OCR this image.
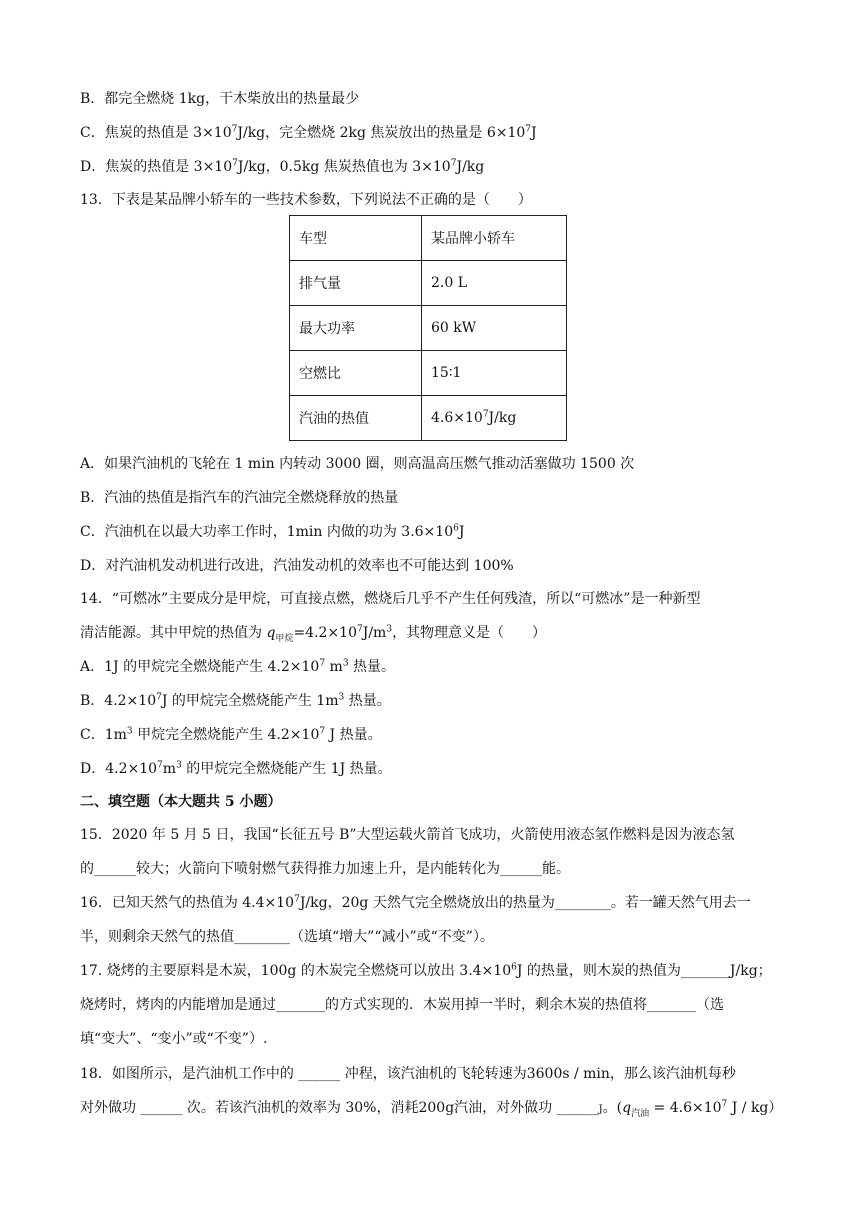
B．都完全燃烧 1kg，干木柴放出的热量最少
C．焦炭的热值是 $3\times 10^7J/kg$，完全燃烧 2kg 焦炭放出的热量是 $6\times 10^7J$
D．焦炭的热值是 $3\times 10^7J/kg$，0.5kg 焦炭热值也为 $3\times 10^7J/kg$
13．下表是某品牌小轿车的一些技术参数，下列说法不正确的是（　　）
车型	某品牌小轿车
排气量	2.0 L
最大功率	60 kW
空燃比	15∶1
汽油的热值	$4.6\times 10^7J/kg$
A．如果汽油机的飞轮在 1 min 内转动 3000 圈，则高温高压燃气推动活塞做功 1500 次
B．汽油的热值是指汽车的汽油完全燃烧释放的热量
C．汽油机在以最大功率工作时，1min 内做的功为 $3.6\times 10^6J$
D．对汽油机发动机进行改进，汽油发动机的效率也不可能达到 100%
14．“可燃冰”主要成分是甲烷，可直接点燃，燃烧后几乎不产生任何残渣，所以“可燃冰”是一种新型
清洁能源。其中甲烷的热值为 $q_{甲烷}=4.2\times 10^7J/m^3$，其物理意义是（　　）
A．1J 的甲烷完全燃烧能产生 $4.2\times 10^7$ $m^3$ 热量。
B．$4.2\times 10^7J$ 的甲烷完全燃烧能产生 $1m^3$ 热量。
C．$1m^3$ 甲烷完全燃烧能产生 $4.2\times 10^7$ J 热量。
D．$4.2\times 10^7m^3$ 的甲烷完全燃烧能产生 1J 热量。
二、填空题（本大题共 5 小题）
15．2020 年 5 月 5 日，我国“长征五号 B”大型运载火箭首飞成功，火箭使用液态氢作燃料是因为液态氢
的______较大；火箭向下喷射燃气获得推力加速上升，是内能转化为______能。
16．已知天然气的热值为 $4.4\times 10^7J/kg$，20g 天然气完全燃烧放出的热量为________。若一罐天然气用去一
半，则剩余天然气的热值________（选填“增大”“减小”或“不变”）。
17. 烧烤的主要原料是木炭，100g 的木炭完全燃烧可以放出 $3.4\times 10^6J$ 的热量，则木炭的热值为_______J/kg；
烧烤时，烤肉的内能增加是通过_______的方式实现的．木炭用掉一半时，剩余木炭的热值将_______（选
填“变大”、“变小”或“不变”）.
18．如图所示，是汽油机工作中的 ______ 冲程，该汽油机的飞轮转速为3600s / min，那么该汽油机每秒
对外做功 ______ 次。若该汽油机的效率为 30%，消耗200g汽油，对外做功 ______J。($q_{汽油} = 4.6\times 10^7$ J / kg）
